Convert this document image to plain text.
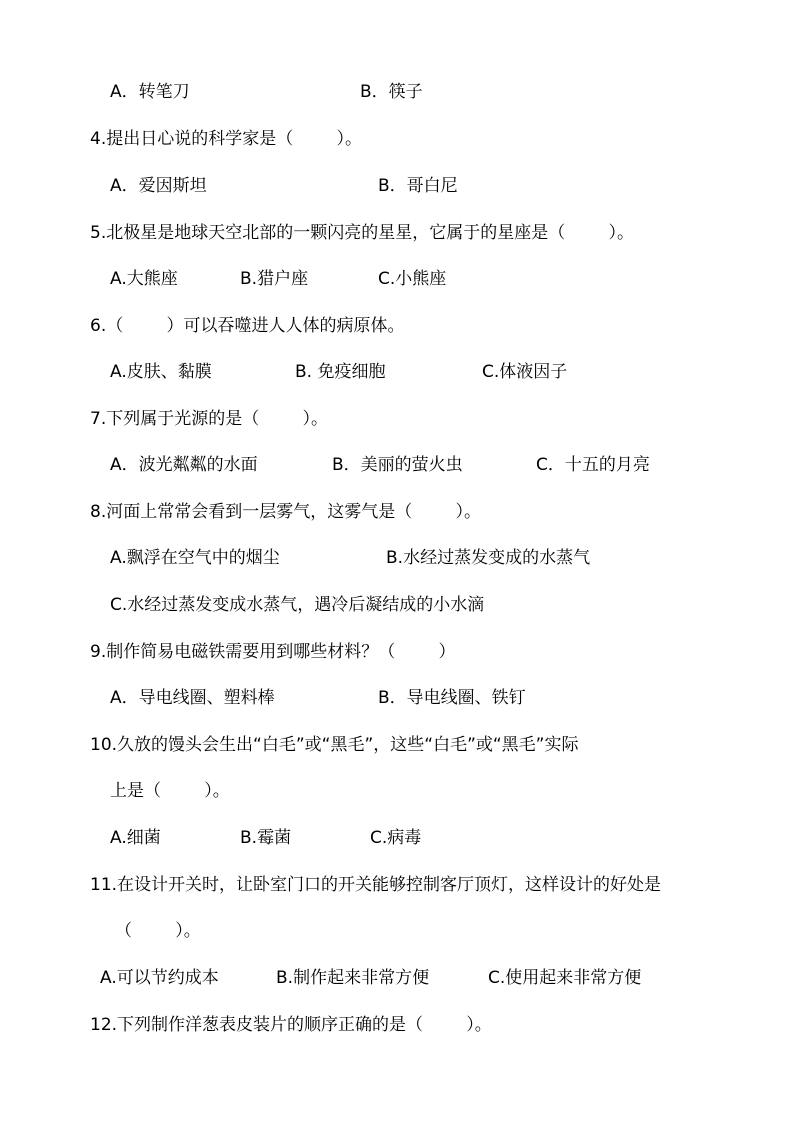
A．转笔刀	B．筷子
4.提出日心说的科学家是（        ）。
A．爱因斯坦	B．哥白尼
5.北极星是地球天空北部的一颗闪亮的星星，它属于的星座是（        ）。
A.大熊座	B.猎户座	C.小熊座
6.（        ）可以吞噬进人人体的病原体。
A.皮肤、黏膜	B. 免疫细胞	C.体液因子
7.下列属于光源的是（        ）。
A．波光粼粼的水面	B．美丽的萤火虫	C．十五的月亮
8.河面上常常会看到一层雾气，这雾气是（        ）。
A.飘浮在空气中的烟尘	B.水经过蒸发变成的水蒸气
C.水经过蒸发变成水蒸气，遇冷后凝结成的小水滴
9.制作简易电磁铁需要用到哪些材料？（        ）
A．导电线圈、塑料棒	B．导电线圈、铁钉
10.久放的馒头会生出“白毛”或“黑毛”，这些“白毛”或“黑毛”实际
上是（        ）。
A.细菌	B.霉菌	C.病毒
11.在设计开关时，让卧室门口的开关能够控制客厅顶灯，这样设计的好处是
（        ）。
A.可以节约成本	B.制作起来非常方便	C.使用起来非常方便
12.下列制作洋葱表皮装片的顺序正确的是（        ）。
